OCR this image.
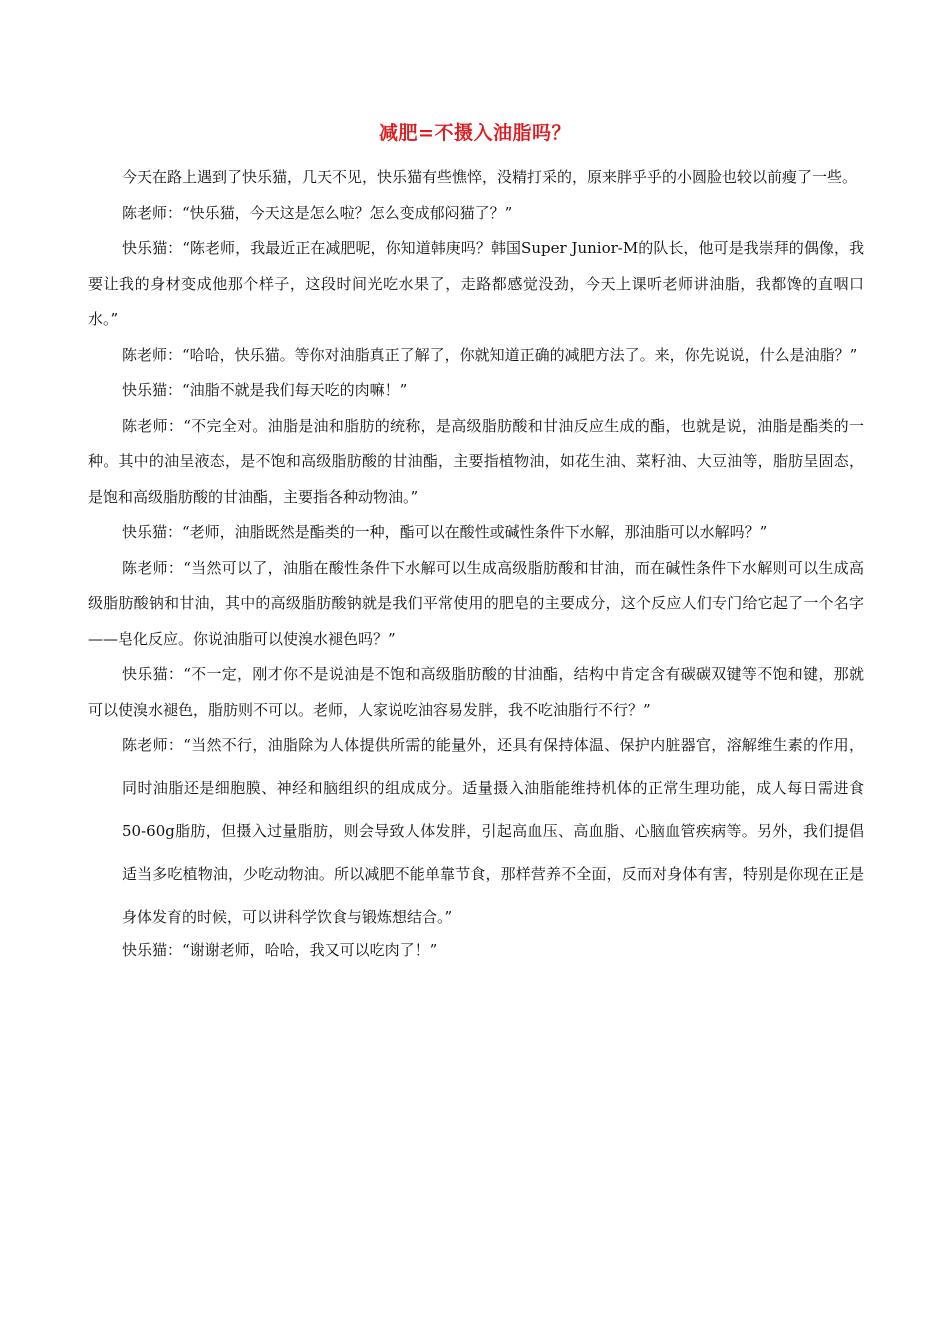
减肥=不摄入油脂吗？

今天在路上遇到了快乐猫，几天不见，快乐猫有些憔悴，没精打采的，原来胖乎乎的小圆脸也较以前瘦了一些。

陈老师：“快乐猫，今天这是怎么啦？怎么变成郁闷猫了？”

快乐猫：“陈老师，我最近正在减肥呢，你知道韩庚吗？韩国Super Junior-M的队长，他可是我崇拜的偶像，我要让我的身材变成他那个样子，这段时间光吃水果了，走路都感觉没劲，今天上课听老师讲油脂，我都馋的直咽口水。”

陈老师：“哈哈，快乐猫。等你对油脂真正了解了，你就知道正确的减肥方法了。来，你先说说，什么是油脂？”

快乐猫：“油脂不就是我们每天吃的肉嘛！”

陈老师：“不完全对。油脂是油和脂肪的统称，是高级脂肪酸和甘油反应生成的酯，也就是说，油脂是酯类的一种。其中的油呈液态，是不饱和高级脂肪酸的甘油酯，主要指植物油，如花生油、菜籽油、大豆油等，脂肪呈固态，是饱和高级脂肪酸的甘油酯，主要指各种动物油。”

快乐猫：“老师，油脂既然是酯类的一种，酯可以在酸性或碱性条件下水解，那油脂可以水解吗？”

陈老师：“当然可以了，油脂在酸性条件下水解可以生成高级脂肪酸和甘油，而在碱性条件下水解则可以生成高级脂肪酸钠和甘油，其中的高级脂肪酸钠就是我们平常使用的肥皂的主要成分，这个反应人们专门给它起了一个名字——皂化反应。你说油脂可以使溴水褪色吗？”

快乐猫：“不一定，刚才你不是说油是不饱和高级脂肪酸的甘油酯，结构中肯定含有碳碳双键等不饱和键，那就可以使溴水褪色，脂肪则不可以。老师，人家说吃油容易发胖，我不吃油脂行不行？”

陈老师：“当然不行，油脂除为人体提供所需的能量外，还具有保持体温、保护内脏器官，溶解维生素的作用，同时油脂还是细胞膜、神经和脑组织的组成成分。适量摄入油脂能维持机体的正常生理功能，成人每日需进食50-60g脂肪，但摄入过量脂肪，则会导致人体发胖，引起高血压、高血脂、心脑血管疾病等。另外，我们提倡适当多吃植物油，少吃动物油。所以减肥不能单靠节食，那样营养不全面，反而对身体有害，特别是你现在正是身体发育的时候，可以讲科学饮食与锻炼想结合。”

快乐猫：“谢谢老师，哈哈，我又可以吃肉了！”
